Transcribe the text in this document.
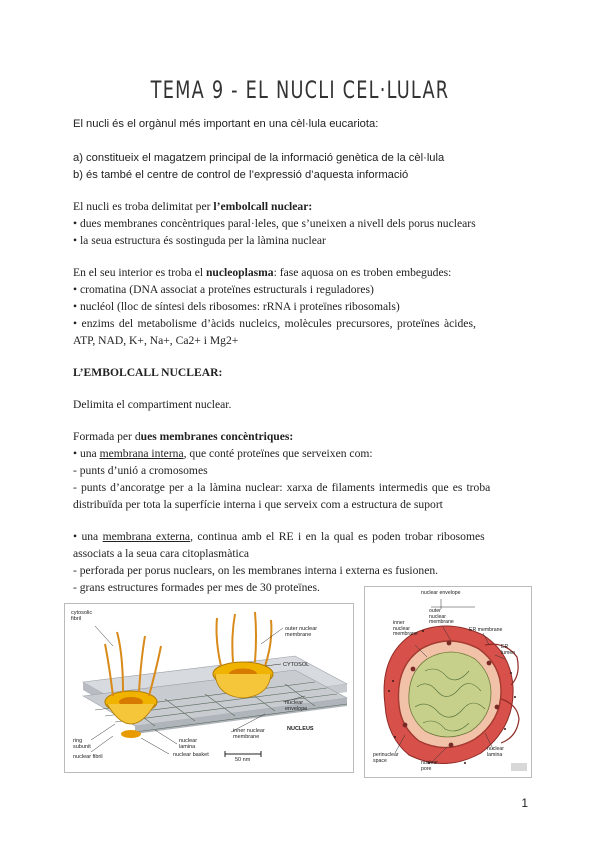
TEMA 9 - EL NUCLI CEL·LULAR
El nucli és el orgànul més important en una cèl·lula eucariota:
a) constitueix el magatzem principal de la informació genètica de la cèl·lula
b) és també el centre de control de l’expressió d’aquesta informació
El nucli es troba delimitat per l’embolcall nuclear:
• dues membranes concèntriques paral·leles, que s’uneixen a nivell dels porus nuclears
• la seua estructura és sostinguda per la làmina nuclear
En el seu interior es troba el nucleoplasma: fase aquosa on es troben embegudes:
• cromatina (DNA associat a proteïnes estructurals i reguladores)
• nucléol (lloc de síntesi dels ribosomes: rRNA i proteïnes ribosomals)
• enzims del metabolisme d’àcids nucleics, molècules precursores, proteïnes àcides,
ATP, NAD, K+, Na+, Ca2+ i Mg2+
L’EMBOLCALL NUCLEAR:
Delimita el compartiment nuclear.
Formada per dues membranes concèntriques:
• una membrana interna, que conté proteïnes que serveixen com:
- punts d’unió a cromosomes
- punts d’ancoratge per a la làmina nuclear: xarxa de filaments intermedis que es troba
distribuïda per tota la superfície interna i que serveix com a estructura de suport
• una membrana externa, continua amb el RE i en la qual es poden trobar ribosomes
associats a la seua cara citoplasmàtica
- perforada per porus nuclears, on les membranes interna i externa es fusionen.
- grans estructures formades per mes de 30 proteïnes.
cytosolic
fibril
outer nuclear
membrane
CYTOSOL
nuclear
envelope
ring
subunit
nuclear
lamina
NUCLEUS
nuclear fibril	nuclear basket
inner nuclear
membrane
50 nm
nuclear envelope
outer
nuclear
membrane
inner
nuclear
membrane
ER membrane
ER
lumen
perinuclear
space	nuclear
pore
nuclear
lamina
1
